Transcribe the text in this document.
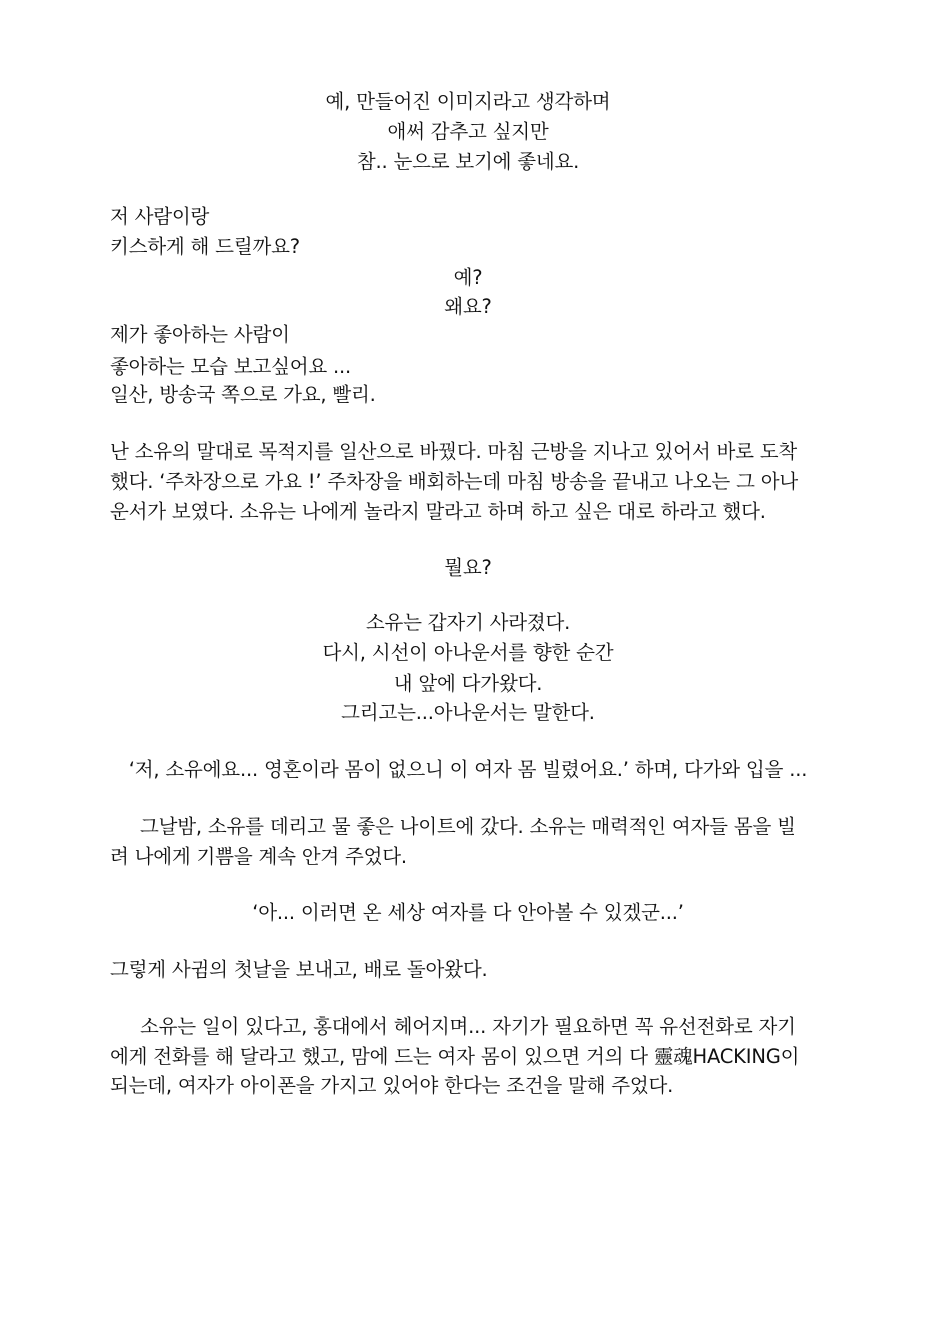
예, 만들어진 이미지라고 생각하며
애써 감추고 싶지만
참.. 눈으로 보기에 좋네요.
저 사람이랑
키스하게 해 드릴까요?
예?
왜요?
제가 좋아하는 사람이
좋아하는 모습 보고싶어요 ...
일산, 방송국 쪽으로 가요, 빨리.
난 소유의 말대로 목적지를 일산으로 바꿨다. 마침 근방을 지나고 있어서 바로 도착
했다. ‘주차장으로 가요 !’ 주차장을 배회하는데 마침 방송을 끝내고 나오는 그 아나
운서가 보였다. 소유는 나에게 놀라지 말라고 하며 하고 싶은 대로 하라고 했다.
뭘요?
소유는 갑자기 사라졌다.
다시, 시선이 아나운서를 향한 순간
내 앞에 다가왔다.
그리고는...아나운서는 말한다.
‘저, 소유에요... 영혼이라 몸이 없으니 이 여자 몸 빌렸어요.’ 하며, 다가와 입을 ...
그날밤, 소유를 데리고 물 좋은 나이트에 갔다. 소유는 매력적인 여자들 몸을 빌
려 나에게 기쁨을 계속 안겨 주었다.
‘아... 이러면 온 세상 여자를 다 안아볼 수 있겠군...’
그렇게 사귐의 첫날을 보내고, 배로 돌아왔다.
소유는 일이 있다고, 홍대에서 헤어지며... 자기가 필요하면 꼭 유선전화로 자기
에게 전화를 해 달라고 했고, 맘에 드는 여자 몸이 있으면 거의 다 靈魂HACKING이
되는데, 여자가 아이폰을 가지고 있어야 한다는 조건을 말해 주었다.
